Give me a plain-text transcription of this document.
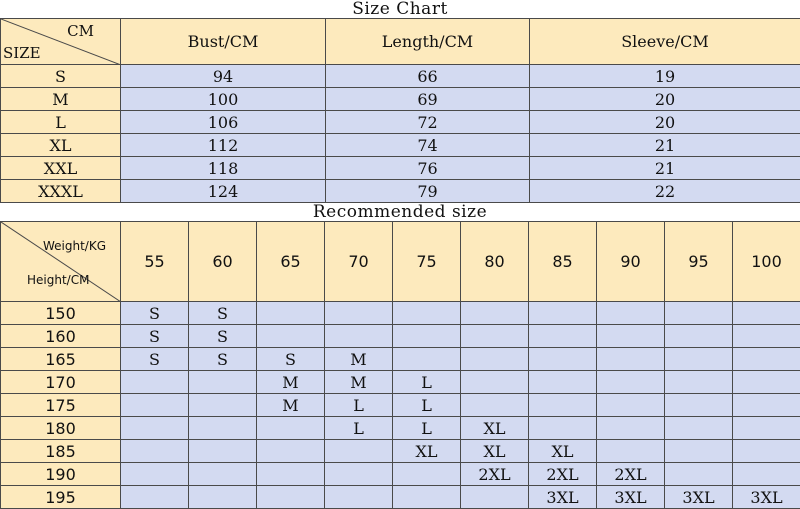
Size Chart
CM
SIZE	Bust/CM	Length/CM	Sleeve/CM
S	94	66	19
M	100	69	20
L	106	72	20
XL	112	74	21
XXL	118	76	21
XXXL	124	79	22
Recommended size
Weight/KG
Height/CM	55	60	65	70	75	80	85	90	95	100
150	S	S								
160	S	S								
165	S	S	S	M						
170			M	M	L					
175			M	L	L					
180				L	L	XL				
185					XL	XL	XL			
190						2XL	2XL	2XL		
195							3XL	3XL	3XL	3XL
